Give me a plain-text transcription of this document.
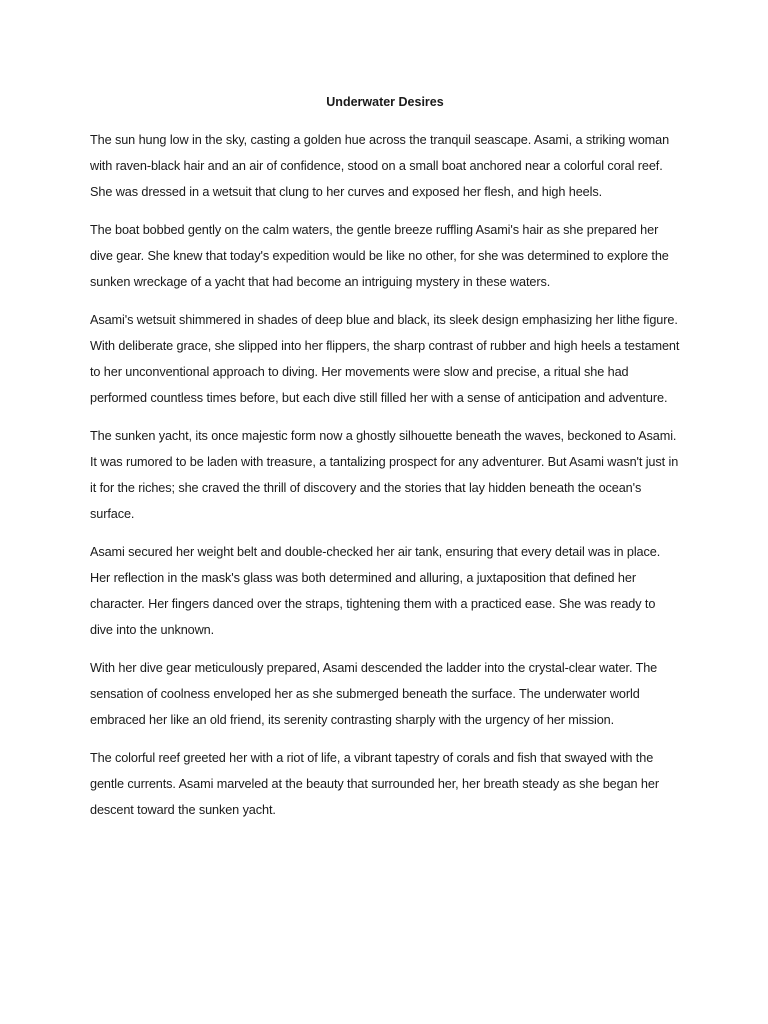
Underwater Desires

The sun hung low in the sky, casting a golden hue across the tranquil seascape. Asami, a striking woman with raven-black hair and an air of confidence, stood on a small boat anchored near a colorful coral reef. She was dressed in a wetsuit that clung to her curves and exposed her flesh, and high heels.

The boat bobbed gently on the calm waters, the gentle breeze ruffling Asami's hair as she prepared her dive gear. She knew that today's expedition would be like no other, for she was determined to explore the sunken wreckage of a yacht that had become an intriguing mystery in these waters.

Asami's wetsuit shimmered in shades of deep blue and black, its sleek design emphasizing her lithe figure. With deliberate grace, she slipped into her flippers, the sharp contrast of rubber and high heels a testament to her unconventional approach to diving. Her movements were slow and precise, a ritual she had performed countless times before, but each dive still filled her with a sense of anticipation and adventure.

The sunken yacht, its once majestic form now a ghostly silhouette beneath the waves, beckoned to Asami. It was rumored to be laden with treasure, a tantalizing prospect for any adventurer. But Asami wasn't just in it for the riches; she craved the thrill of discovery and the stories that lay hidden beneath the ocean's surface.

Asami secured her weight belt and double-checked her air tank, ensuring that every detail was in place. Her reflection in the mask's glass was both determined and alluring, a juxtaposition that defined her character. Her fingers danced over the straps, tightening them with a practiced ease. She was ready to dive into the unknown.

With her dive gear meticulously prepared, Asami descended the ladder into the crystal-clear water. The sensation of coolness enveloped her as she submerged beneath the surface. The underwater world embraced her like an old friend, its serenity contrasting sharply with the urgency of her mission.

The colorful reef greeted her with a riot of life, a vibrant tapestry of corals and fish that swayed with the gentle currents. Asami marveled at the beauty that surrounded her, her breath steady as she began her descent toward the sunken yacht.
